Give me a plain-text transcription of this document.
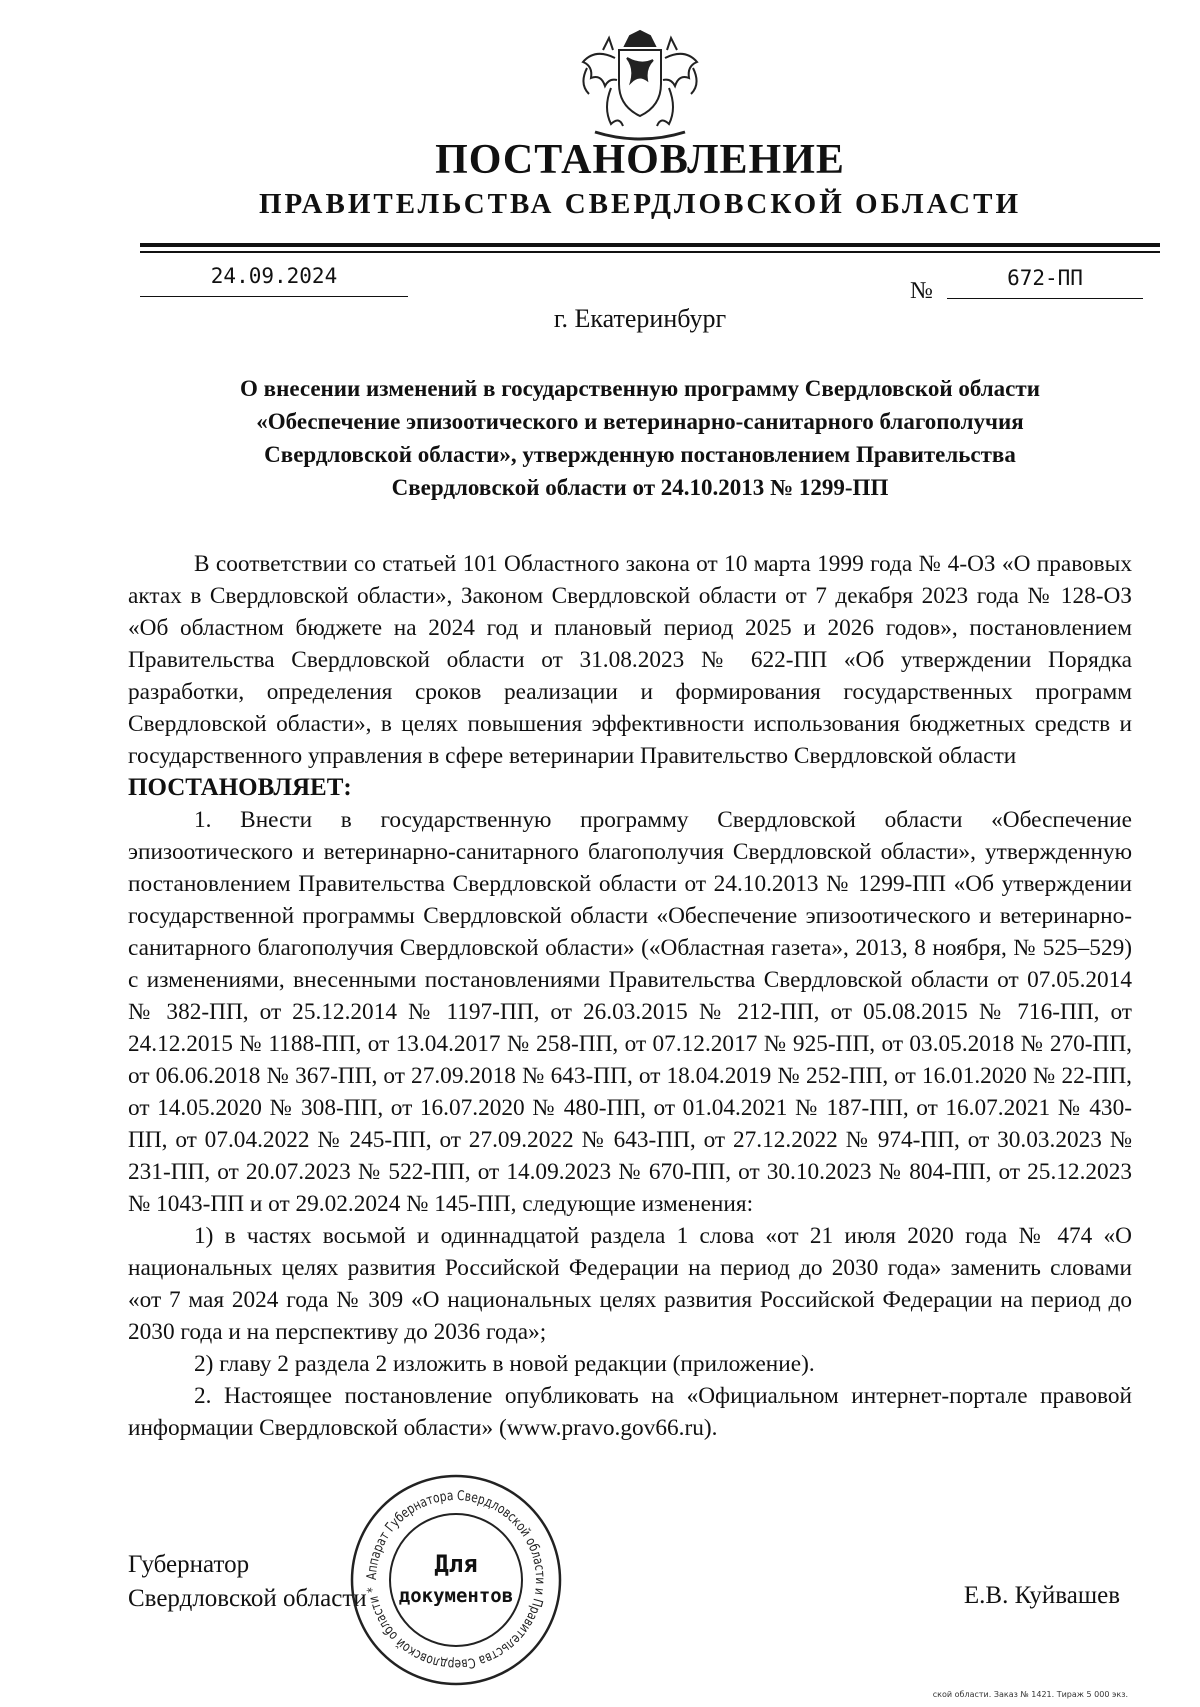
ПОСТАНОВЛЕНИЕ
ПРАВИТЕЛЬСТВА СВЕРДЛОВСКОЙ ОБЛАСТИ
24.09.2024
№	672-ПП
г. Екатеринбург
О внесении изменений в государственную программу Свердловской области
«Обеспечение эпизоотического и ветеринарно-санитарного благополучия
Свердловской области», утвержденную постановлением Правительства
Свердловской области от 24.10.2013 № 1299-ПП

В соответствии со статьей 101 Областного закона от 10 марта 1999 года № 4-ОЗ «О правовых актах в Свердловской области», Законом Свердловской области от 7 декабря 2023 года № 128-ОЗ «Об областном бюджете на 2024 год и плановый период 2025 и 2026 годов», постановлением Правительства Свердловской области от 31.08.2023 № 622-ПП «Об утверждении Порядка разработки, определения сроков реализации и формирования государственных программ Свердловской области», в целях повышения эффективности использования бюджетных средств и государственного управления в сфере ветеринарии Правительство Свердловской области

ПОСТАНОВЛЯЕТ:

1. Внести в государственную программу Свердловской области «Обеспечение эпизоотического и ветеринарно-санитарного благополучия Свердловской области», утвержденную постановлением Правительства Свердловской области от 24.10.2013 № 1299-ПП «Об утверждении государственной программы Свердловской области «Обеспечение эпизоотического и ветеринарно-санитарного благополучия Свердловской области» («Областная газета», 2013, 8 ноября, № 525–529) с изменениями, внесенными постановлениями Правительства Свердловской области от 07.05.2014 № 382-ПП, от 25.12.2014 № 1197-ПП, от 26.03.2015 № 212-ПП, от 05.08.2015 № 716-ПП, от 24.12.2015 № 1188-ПП, от 13.04.2017 № 258-ПП, от 07.12.2017 № 925-ПП, от 03.05.2018 № 270-ПП, от 06.06.2018 № 367-ПП, от 27.09.2018 № 643-ПП, от 18.04.2019 № 252-ПП, от 16.01.2020 № 22-ПП, от 14.05.2020 № 308-ПП, от 16.07.2020 № 480-ПП, от 01.04.2021 № 187-ПП, от 16.07.2021 № 430-ПП, от 07.04.2022 № 245-ПП, от 27.09.2022 № 643-ПП, от 27.12.2022 № 974-ПП, от 30.03.2023 № 231-ПП, от 20.07.2023 № 522-ПП, от 14.09.2023 № 670-ПП, от 30.10.2023 № 804-ПП, от 25.12.2023 № 1043-ПП и от 29.02.2024 № 145-ПП, следующие изменения:

1) в частях восьмой и одиннадцатой раздела 1 слова «от 21 июля 2020 года № 474 «О национальных целях развития Российской Федерации на период до 2030 года» заменить словами «от 7 мая 2024 года № 309 «О национальных целях развития Российской Федерации на период до 2030 года и на перспективу до 2036 года»;

2) главу 2 раздела 2 изложить в новой редакции (приложение).

2. Настоящее постановление опубликовать на «Официальном интернет-портале правовой информации Свердловской области» (www.pravo.gov66.ru).

Губернатор
Свердловской области	Е.В. Куйвашев
Аппарат Губернатора Свердловской области и Правительства Свердловской области *
Для
документов
ской области. Заказ № 1421. Тираж 5 000 экз.
